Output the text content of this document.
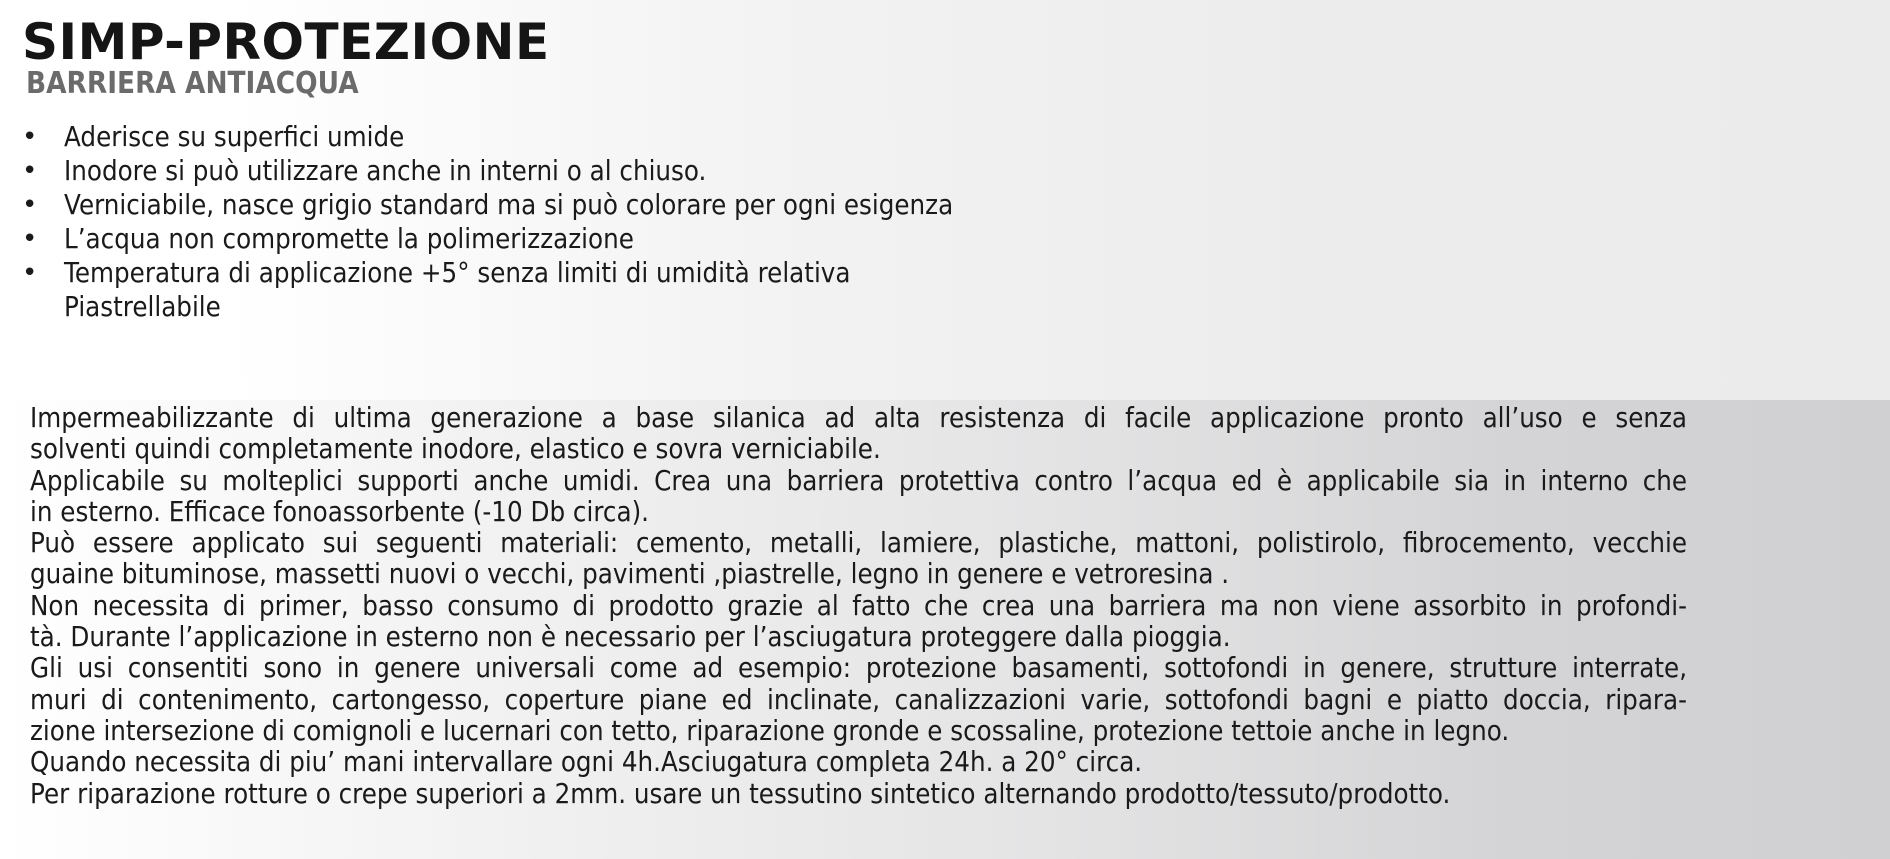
SIMP-PROTEZIONE
BARRIERA ANTIACQUA
• Aderisce su superfici umide
• Inodore si può utilizzare anche in interni o al chiuso.
• Verniciabile, nasce grigio standard ma si può colorare per ogni esigenza
• L’acqua non compromette la polimerizzazione
• Temperatura di applicazione +5° senza limiti di umidità relativa
Piastrellabile
Impermeabilizzante di ultima generazione a base silanica ad alta resistenza di facile applicazione pronto all’uso e senza
solventi quindi completamente inodore, elastico e sovra verniciabile.
Applicabile su molteplici supporti anche umidi. Crea una barriera protettiva contro l’acqua ed è applicabile sia in interno che
in esterno. Efficace fonoassorbente (-10 Db circa).
Può essere applicato sui seguenti materiali: cemento, metalli, lamiere, plastiche, mattoni, polistirolo, fibrocemento, vecchie
guaine bituminose, massetti nuovi o vecchi, pavimenti ,piastrelle, legno in genere e vetroresina .
Non necessita di primer, basso consumo di prodotto grazie al fatto che crea una barriera ma non viene assorbito in profondi-
tà. Durante l’applicazione in esterno non è necessario per l’asciugatura proteggere dalla pioggia.
Gli usi consentiti sono in genere universali come ad esempio: protezione basamenti, sottofondi in genere, strutture interrate,
muri di contenimento, cartongesso, coperture piane ed inclinate, canalizzazioni varie, sottofondi bagni e piatto doccia, ripara-
zione intersezione di comignoli e lucernari con tetto, riparazione gronde e scossaline, protezione tettoie anche in legno.
Quando necessita di piu’ mani intervallare ogni 4h.Asciugatura completa 24h. a 20° circa.
Per riparazione rotture o crepe superiori a 2mm. usare un tessutino sintetico alternando prodotto/tessuto/prodotto.
